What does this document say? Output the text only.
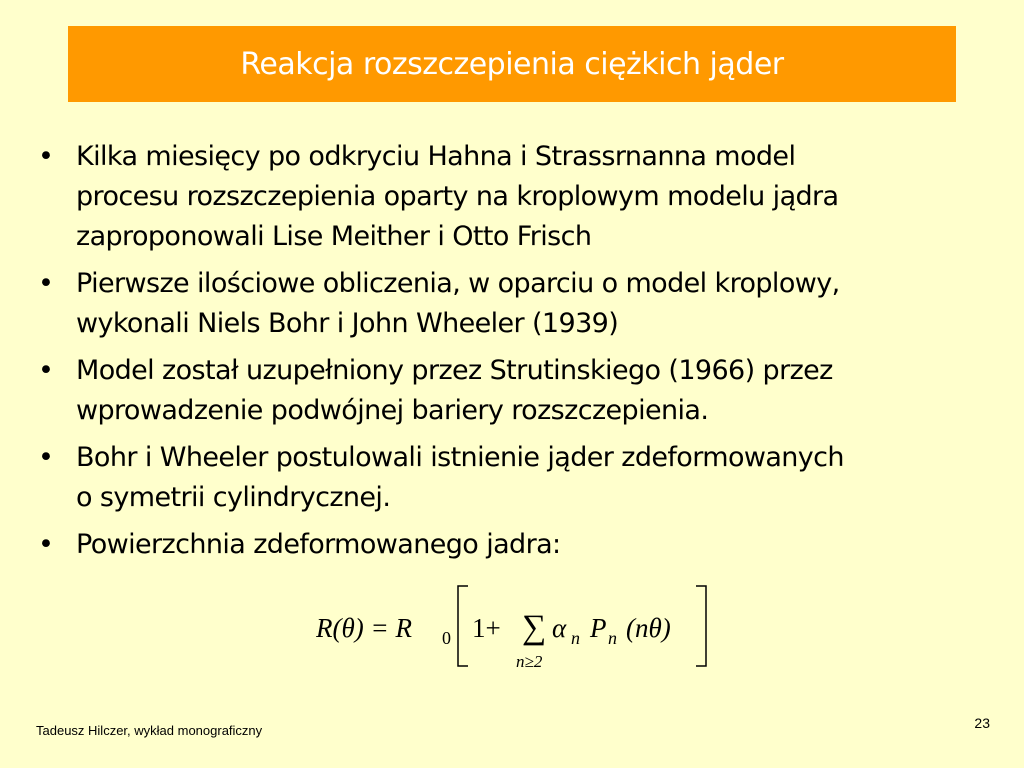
Reakcja rozszczepienia ciężkich jąder
• Kilka miesięcy po odkryciu Hahna i Strassrnanna model
procesu rozszczepienia oparty na kroplowym modelu jądra
zaproponowali Lise Meither i Otto Frisch
• Pierwsze ilościowe obliczenia, w oparciu o model kroplowy,
wykonali Niels Bohr i John Wheeler (1939)
• Model został uzupełniony przez Strutinskiego (1966) przez
wprowadzenie podwójnej bariery rozszczepienia.
• Bohr i Wheeler postulowali istnienie jąder zdeformowanych
o symetrii cylindrycznej.
• Powierzchnia zdeformowanego jadra:
R(θ) = R 0 1+ ∑
n≥2
α n P n (nθ)
Tadeusz Hilczer, wykład monograficzny	23
